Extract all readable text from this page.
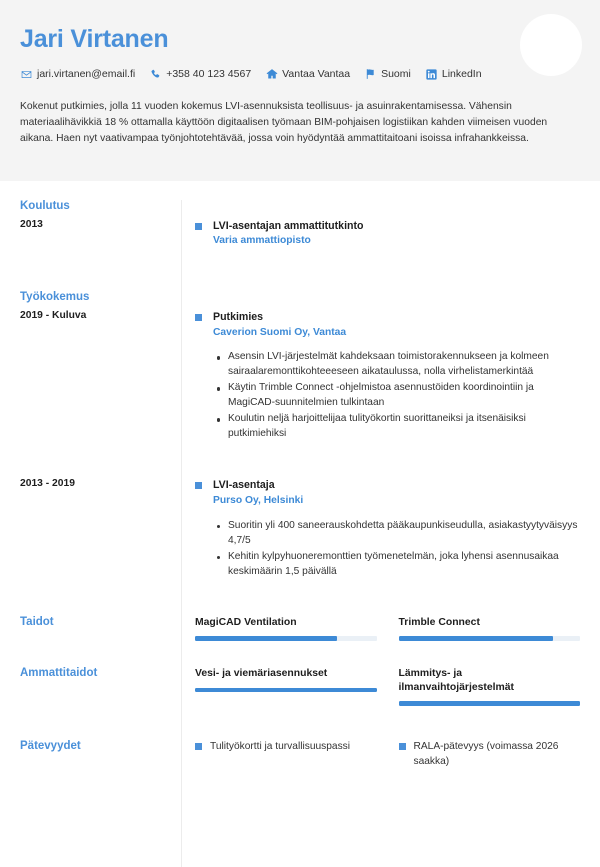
Jari Virtanen
jari.virtanen@email.fi	+358 40 123 4567	Vantaa Vantaa	Suomi	LinkedIn
Kokenut putkimies, jolla 11 vuoden kokemus LVI-asennuksista teollisuus- ja asuinrakentamisessa. Vähensin materiaalihävikkiä 18 % ottamalla käyttöön digitaalisen työmaan BIM-pohjaisen logistiikan kahden viimeisen vuoden aikana. Haen nyt vaativampaa työnjohtotehtävää, jossa voin hyödyntää ammattitaitoani isoissa infrahankkeissa.
Koulutus
2013	LVI-asentajan ammattitutkinto
Varia ammattiopisto
Työkokemus
2019 - Kuluva	Putkimies
Caverion Suomi Oy, Vantaa
Asensin LVI-järjestelmät kahdeksaan toimistorakennukseen ja kolmeen sairaalaremonttikohteeeseen aikataulussa, nolla virhelistamerkintää
Käytin Trimble Connect -ohjelmistoa asennustöiden koordinointiin ja MagiCAD-suunnitelmien tulkintaan
Koulutin neljä harjoittelijaa tulityökortin suorittaneiksi ja itsenäisiksi putkimiehiksi
2013 - 2019	LVI-asentaja
Purso Oy, Helsinki
Suoritin yli 400 saneerauskohdetta pääkaupunkiseudulla, asiakastyytyväisyys 4,7/5
Kehitin kylpyhuoneremonttien työmenetelmän, joka lyhensi asennusaikaa keskimäärin 1,5 päivällä
Taidot	MagiCAD Ventilation	Trimble Connect
Ammattitaidot	Vesi- ja viemäriasennukset	Lämmitys- ja ilmanvaihtojärjestelmät
Pätevyydet	Tulityökortti ja turvallisuuspassi	RALA-pätevyys (voimassa 2026 saakka)
